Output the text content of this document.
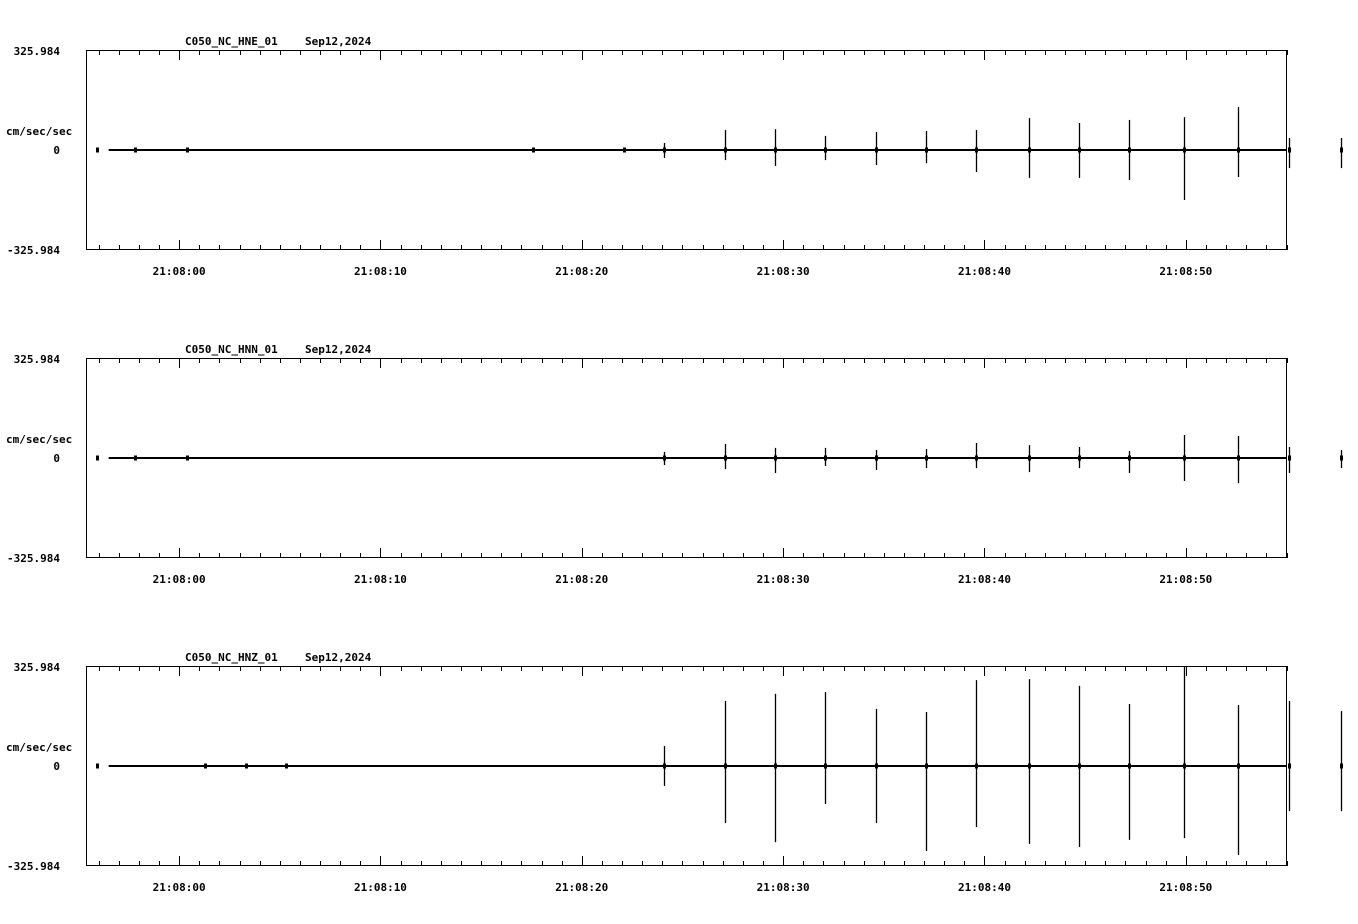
C050_NC_HNE_01 Sep12,2024
325.984
cm/sec/sec
0
-325.984
21:08:00	21:08:10	21:08:20	21:08:30	21:08:40	21:08:50
C050_NC_HNN_01 Sep12,2024
325.984
cm/sec/sec
0
-325.984
21:08:00	21:08:10	21:08:20	21:08:30	21:08:40	21:08:50
C050_NC_HNZ_01 Sep12,2024
325.984
cm/sec/sec
0
-325.984
21:08:00	21:08:10	21:08:20	21:08:30	21:08:40	21:08:50
